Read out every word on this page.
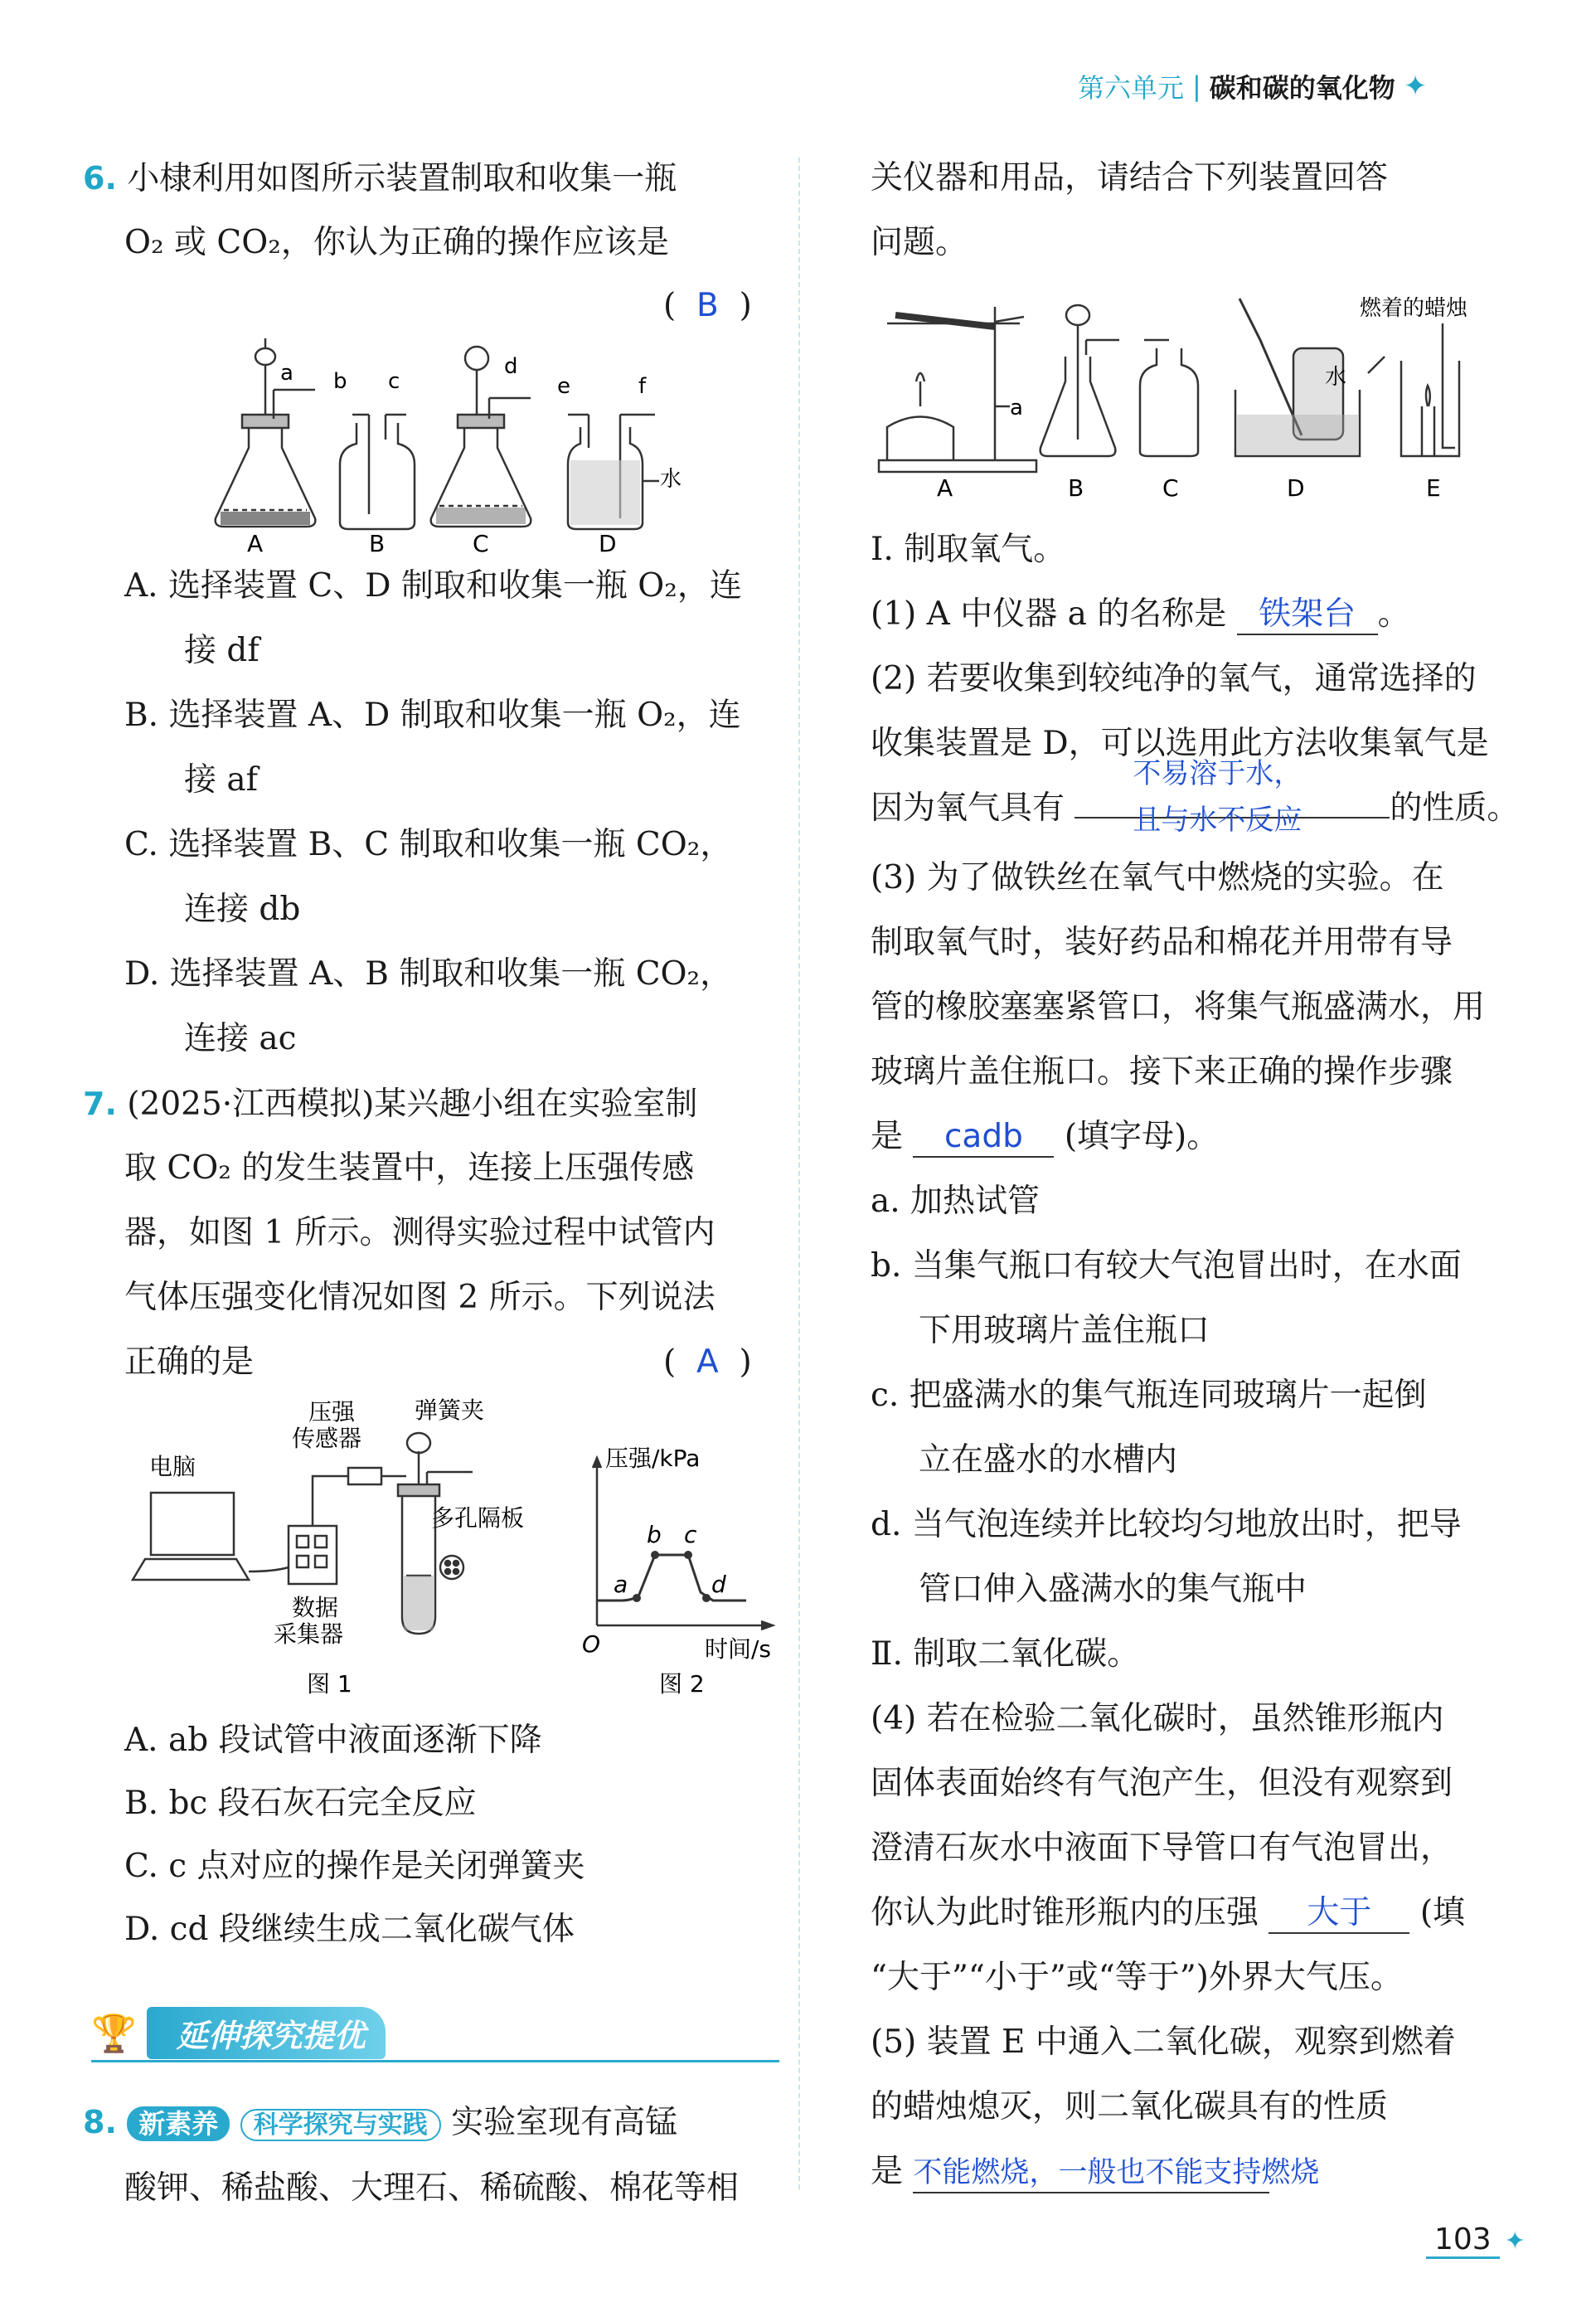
第六单元 | 碳和碳的氧化物 ✦
6. 小棣利用如图所示装置制取和收集一瓶
O₂ 或 CO₂，你认为正确的操作应该是
(  B  )
a b c
d
e	f
水
A	B	C	D
A. 选择装置 C、D 制取和收集一瓶 O₂，连
接 df
B. 选择装置 A、D 制取和收集一瓶 O₂，连
接 af
C. 选择装置 B、C 制取和收集一瓶 CO₂，
连接 db
D. 选择装置 A、B 制取和收集一瓶 CO₂，
连接 ac
7. (2025·江西模拟)某兴趣小组在实验室制
取 CO₂ 的发生装置中，连接上压强传感
器，如图 1 所示。测得实验过程中试管内
气体压强变化情况如图 2 所示。下列说法
正确的是	(  A  )
电脑
压强
传感器
弹簧夹
多孔隔板
数据
采集器
图 1
压强/kPa
时间/s
O
a
b c
d
图 2
A. ab 段试管中液面逐渐下降
B. bc 段石灰石完全反应
C. c 点对应的操作是关闭弹簧夹
D. cd 段继续生成二氧化碳气体
🏆	延伸探究提优
8. 新素养 科学探究与实践 实验室现有高锰
酸钾、稀盐酸、大理石、稀硫酸、棉花等相
关仪器和用品，请结合下列装置回答
问题。
a
水
燃着的蜡烛
A	B	C	D	E
Ⅰ. 制取氧气。
(1) A 中仪器 a 的名称是 铁架台 。
(2) 若要收集到较纯净的氧气，通常选择的
收集装置是 D，可以选用此方法收集氧气是
因为氧气具有
不易溶于水，
且与水不反应	的性质。
(3) 为了做铁丝在氧气中燃烧的实验。在
制取氧气时，装好药品和棉花并用带有导
管的橡胶塞塞紧管口，将集气瓶盛满水，用
玻璃片盖住瓶口。接下来正确的操作步骤
是 cadb (填字母)。
a. 加热试管
b. 当集气瓶口有较大气泡冒出时，在水面
下用玻璃片盖住瓶口
c. 把盛满水的集气瓶连同玻璃片一起倒
立在盛水的水槽内
d. 当气泡连续并比较均匀地放出时，把导
管口伸入盛满水的集气瓶中
Ⅱ. 制取二氧化碳。
(4) 若在检验二氧化碳时，虽然锥形瓶内
固体表面始终有气泡产生，但没有观察到
澄清石灰水中液面下导管口有气泡冒出，
你认为此时锥形瓶内的压强 大于 (填
“大于”“小于”或“等于”)外界大气压。
(5) 装置 E 中通入二氧化碳，观察到燃着
的蜡烛熄灭，则二氧化碳具有的性质
是 不能燃烧，一般也不能支持燃烧
103 ✦
